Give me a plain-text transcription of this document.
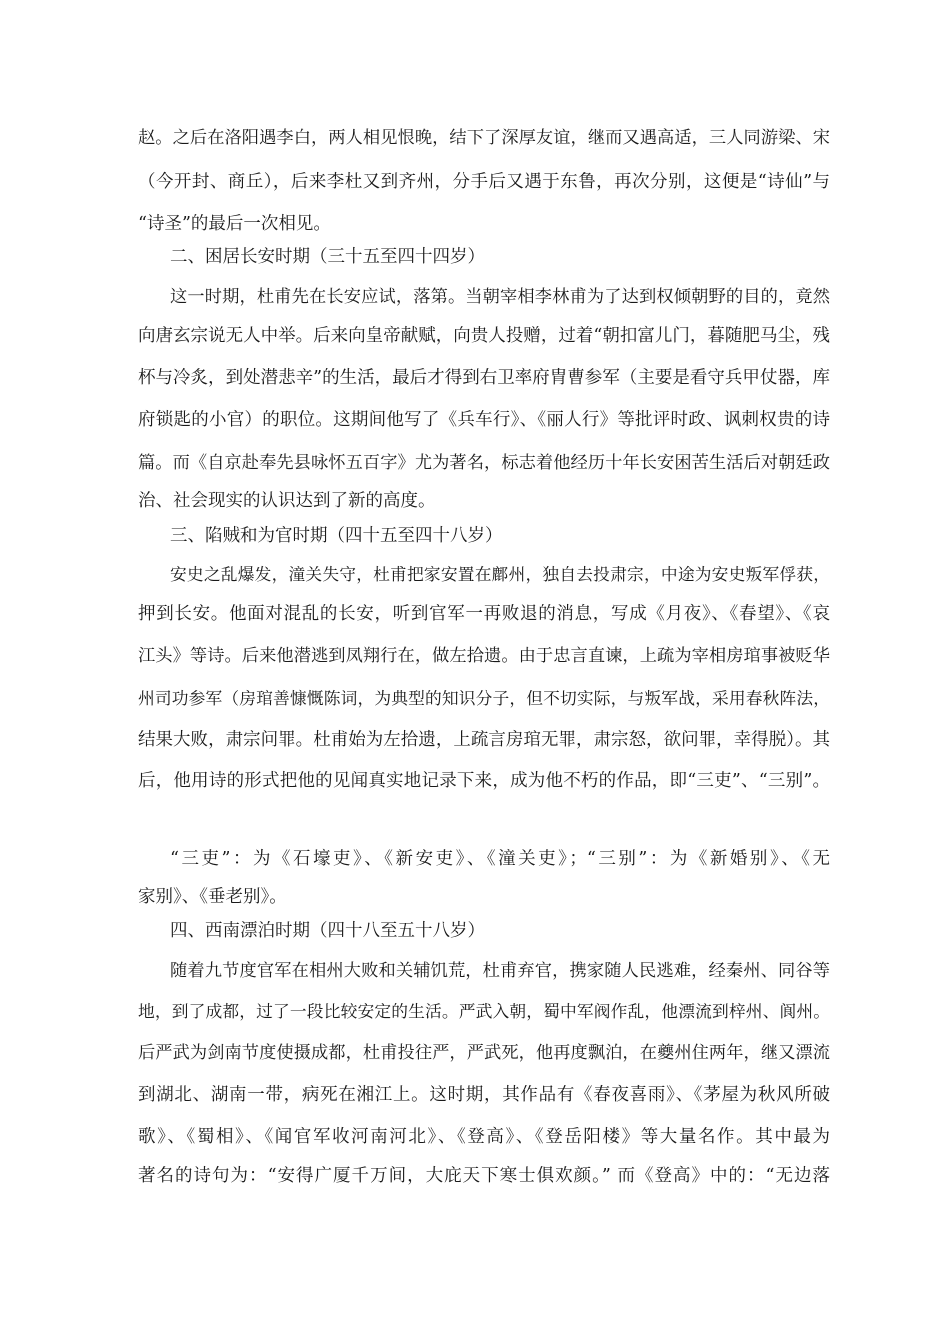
赵。之后在洛阳遇李白，两人相见恨晚，结下了深厚友谊，继而又遇高适，三人同游梁、宋
（今开封、商丘），后来李杜又到齐州，分手后又遇于东鲁，再次分别，这便是“诗仙”与
“诗圣”的最后一次相见。
二、困居长安时期（三十五至四十四岁）
这一时期，杜甫先在长安应试，落第。当朝宰相李林甫为了达到权倾朝野的目的，竟然
向唐玄宗说无人中举。后来向皇帝献赋，向贵人投赠，过着“朝扣富儿门，暮随肥马尘，残
杯与冷炙，到处潜悲辛”的生活，最后才得到右卫率府胄曹参军（主要是看守兵甲仗器，库
府锁匙的小官）的职位。这期间他写了《兵车行》、《丽人行》等批评时政、讽刺权贵的诗
篇。而《自京赴奉先县咏怀五百字》尤为著名，标志着他经历十年长安困苦生活后对朝廷政
治、社会现实的认识达到了新的高度。
三、陷贼和为官时期（四十五至四十八岁）
安史之乱爆发，潼关失守，杜甫把家安置在鄜州，独自去投肃宗，中途为安史叛军俘获，
押到长安。他面对混乱的长安，听到官军一再败退的消息，写成《月夜》、《春望》、《哀
江头》等诗。后来他潜逃到凤翔行在，做左拾遗。由于忠言直谏，上疏为宰相房琯事被贬华
州司功参军（房琯善慷慨陈词，为典型的知识分子，但不切实际，与叛军战，采用春秋阵法，
结果大败，肃宗问罪。杜甫始为左拾遗，上疏言房琯无罪，肃宗怒，欲问罪，幸得脱）。其
后，他用诗的形式把他的见闻真实地记录下来，成为他不朽的作品，即“三吏”、“三别”。
“三吏”：为《石壕吏》、《新安吏》、《潼关吏》；“三别”：为《新婚别》、《无
家别》、《垂老别》。
四、西南漂泊时期（四十八至五十八岁）
随着九节度官军在相州大败和关辅饥荒，杜甫弃官，携家随人民逃难，经秦州、同谷等
地，到了成都，过了一段比较安定的生活。严武入朝，蜀中军阀作乱，他漂流到梓州、阆州。
后严武为剑南节度使摄成都，杜甫投往严，严武死，他再度飘泊，在夔州住两年，继又漂流
到湖北、湖南一带，病死在湘江上。这时期，其作品有《春夜喜雨》、《茅屋为秋风所破
歌》、《蜀相》、《闻官军收河南河北》、《登高》、《登岳阳楼》等大量名作。其中最为
著名的诗句为：“安得广厦千万间，大庇天下寒士俱欢颜。” 而《登高》中的：“无边落
